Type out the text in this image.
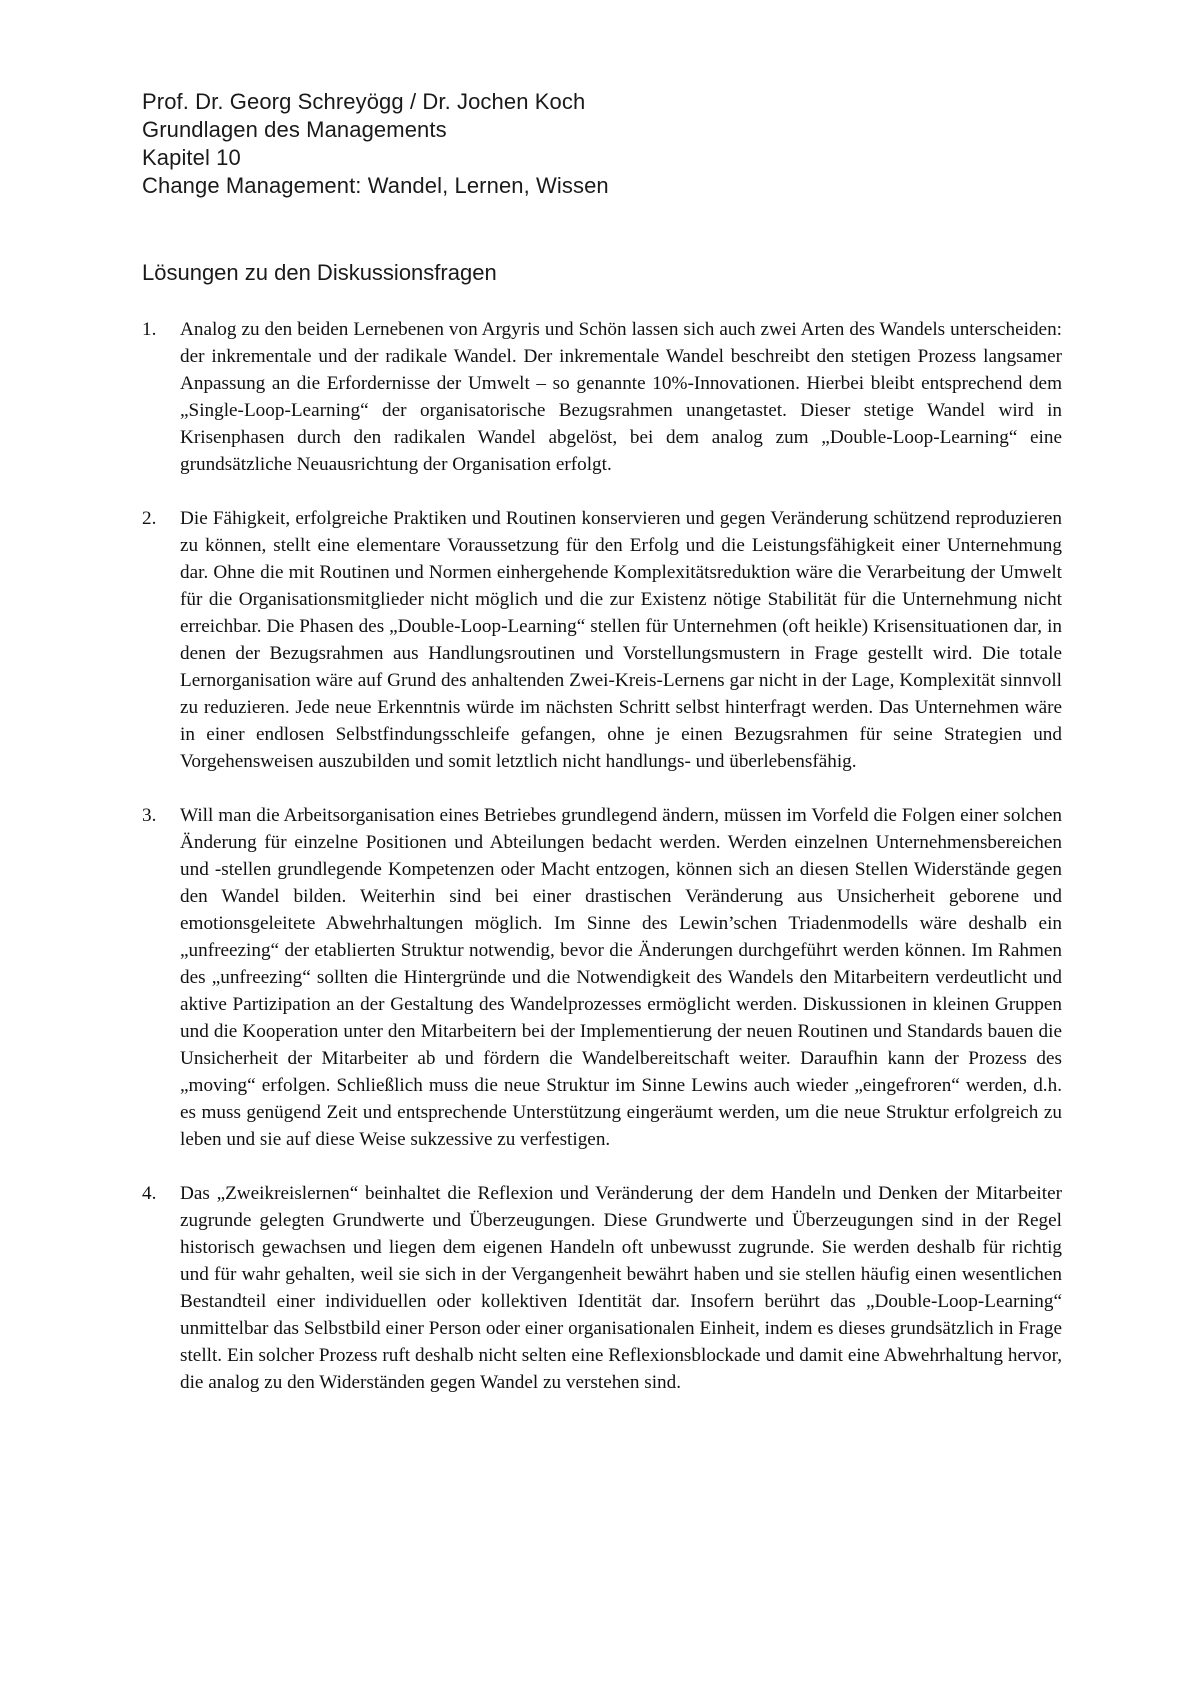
Prof. Dr. Georg Schreyögg / Dr. Jochen Koch
Grundlagen des Managements
Kapitel 10
Change Management: Wandel, Lernen, Wissen
Lösungen zu den Diskussionsfragen
1.	Analog zu den beiden Lernebenen von Argyris und Schön lassen sich auch zwei Arten des Wandels unterscheiden: der inkrementale und der radikale Wandel. Der inkrementale Wandel beschreibt den stetigen Prozess langsamer Anpassung an die Erfordernisse der Umwelt – so genannte 10%-Innovationen. Hierbei bleibt entsprechend dem „Single-Loop-Learning“ der organisatorische Bezugsrahmen unangetastet. Dieser stetige Wandel wird in Krisenphasen durch den radikalen Wandel abgelöst, bei dem analog zum „Double-Loop-Learning“ eine grundsätzliche Neuausrichtung der Organisation erfolgt.
2.	Die Fähigkeit, erfolgreiche Praktiken und Routinen konservieren und gegen Veränderung schützend reproduzieren zu können, stellt eine elementare Voraussetzung für den Erfolg und die Leistungsfähigkeit einer Unternehmung dar. Ohne die mit Routinen und Normen einhergehende Komplexitätsreduktion wäre die Verarbeitung der Umwelt für die Organisationsmitglieder nicht möglich und die zur Existenz nötige Stabilität für die Unternehmung nicht erreichbar. Die Phasen des „Double-Loop-Learning“ stellen für Unternehmen (oft heikle) Krisensituationen dar, in denen der Bezugsrahmen aus Handlungsroutinen und Vorstellungsmustern in Frage gestellt wird. Die totale Lernorganisation wäre auf Grund des anhaltenden Zwei-Kreis-Lernens gar nicht in der Lage, Komplexität sinnvoll zu reduzieren. Jede neue Erkenntnis würde im nächsten Schritt selbst hinterfragt werden. Das Unternehmen wäre in einer endlosen Selbstfindungsschleife gefangen, ohne je einen Bezugsrahmen für seine Strategien und Vorgehensweisen auszubilden und somit letztlich nicht handlungs- und überlebensfähig.
3.	Will man die Arbeitsorganisation eines Betriebes grundlegend ändern, müssen im Vorfeld die Folgen einer solchen Änderung für einzelne Positionen und Abteilungen bedacht werden. Werden einzelnen Unternehmensbereichen und -stellen grundlegende Kompetenzen oder Macht entzogen, können sich an diesen Stellen Widerstände gegen den Wandel bilden. Weiterhin sind bei einer drastischen Veränderung aus Unsicherheit geborene und emotionsgeleitete Abwehrhaltungen möglich. Im Sinne des Lewin’schen Triadenmodells wäre deshalb ein „unfreezing“ der etablierten Struktur notwendig, bevor die Änderungen durchgeführt werden können. Im Rahmen des „unfreezing“ sollten die Hintergründe und die Notwendigkeit des Wandels den Mitarbeitern verdeutlicht und aktive Partizipation an der Gestaltung des Wandelprozesses ermöglicht werden. Diskussionen in kleinen Gruppen und die Kooperation unter den Mitarbeitern bei der Implementierung der neuen Routinen und Standards bauen die Unsicherheit der Mitarbeiter ab und fördern die Wandelbereitschaft weiter. Daraufhin kann der Prozess des „moving“ erfolgen. Schließlich muss die neue Struktur im Sinne Lewins auch wieder „eingefroren“ werden, d.h. es muss genügend Zeit und entsprechende Unterstützung eingeräumt werden, um die neue Struktur erfolgreich zu leben und sie auf diese Weise sukzessive zu verfestigen.
4.	Das „Zweikreislernen“ beinhaltet die Reflexion und Veränderung der dem Handeln und Denken der Mitarbeiter zugrunde gelegten Grundwerte und Überzeugungen. Diese Grundwerte und Überzeugungen sind in der Regel historisch gewachsen und liegen dem eigenen Handeln oft unbewusst zugrunde. Sie werden deshalb für richtig und für wahr gehalten, weil sie sich in der Vergangenheit bewährt haben und sie stellen häufig einen wesentlichen Bestandteil einer individuellen oder kollektiven Identität dar. Insofern berührt das „Double-Loop-Learning“ unmittelbar das Selbstbild einer Person oder einer organisationalen Einheit, indem es dieses grundsätzlich in Frage stellt. Ein solcher Prozess ruft deshalb nicht selten eine Reflexionsblockade und damit eine Abwehrhaltung hervor, die analog zu den Widerständen gegen Wandel zu verstehen sind.
